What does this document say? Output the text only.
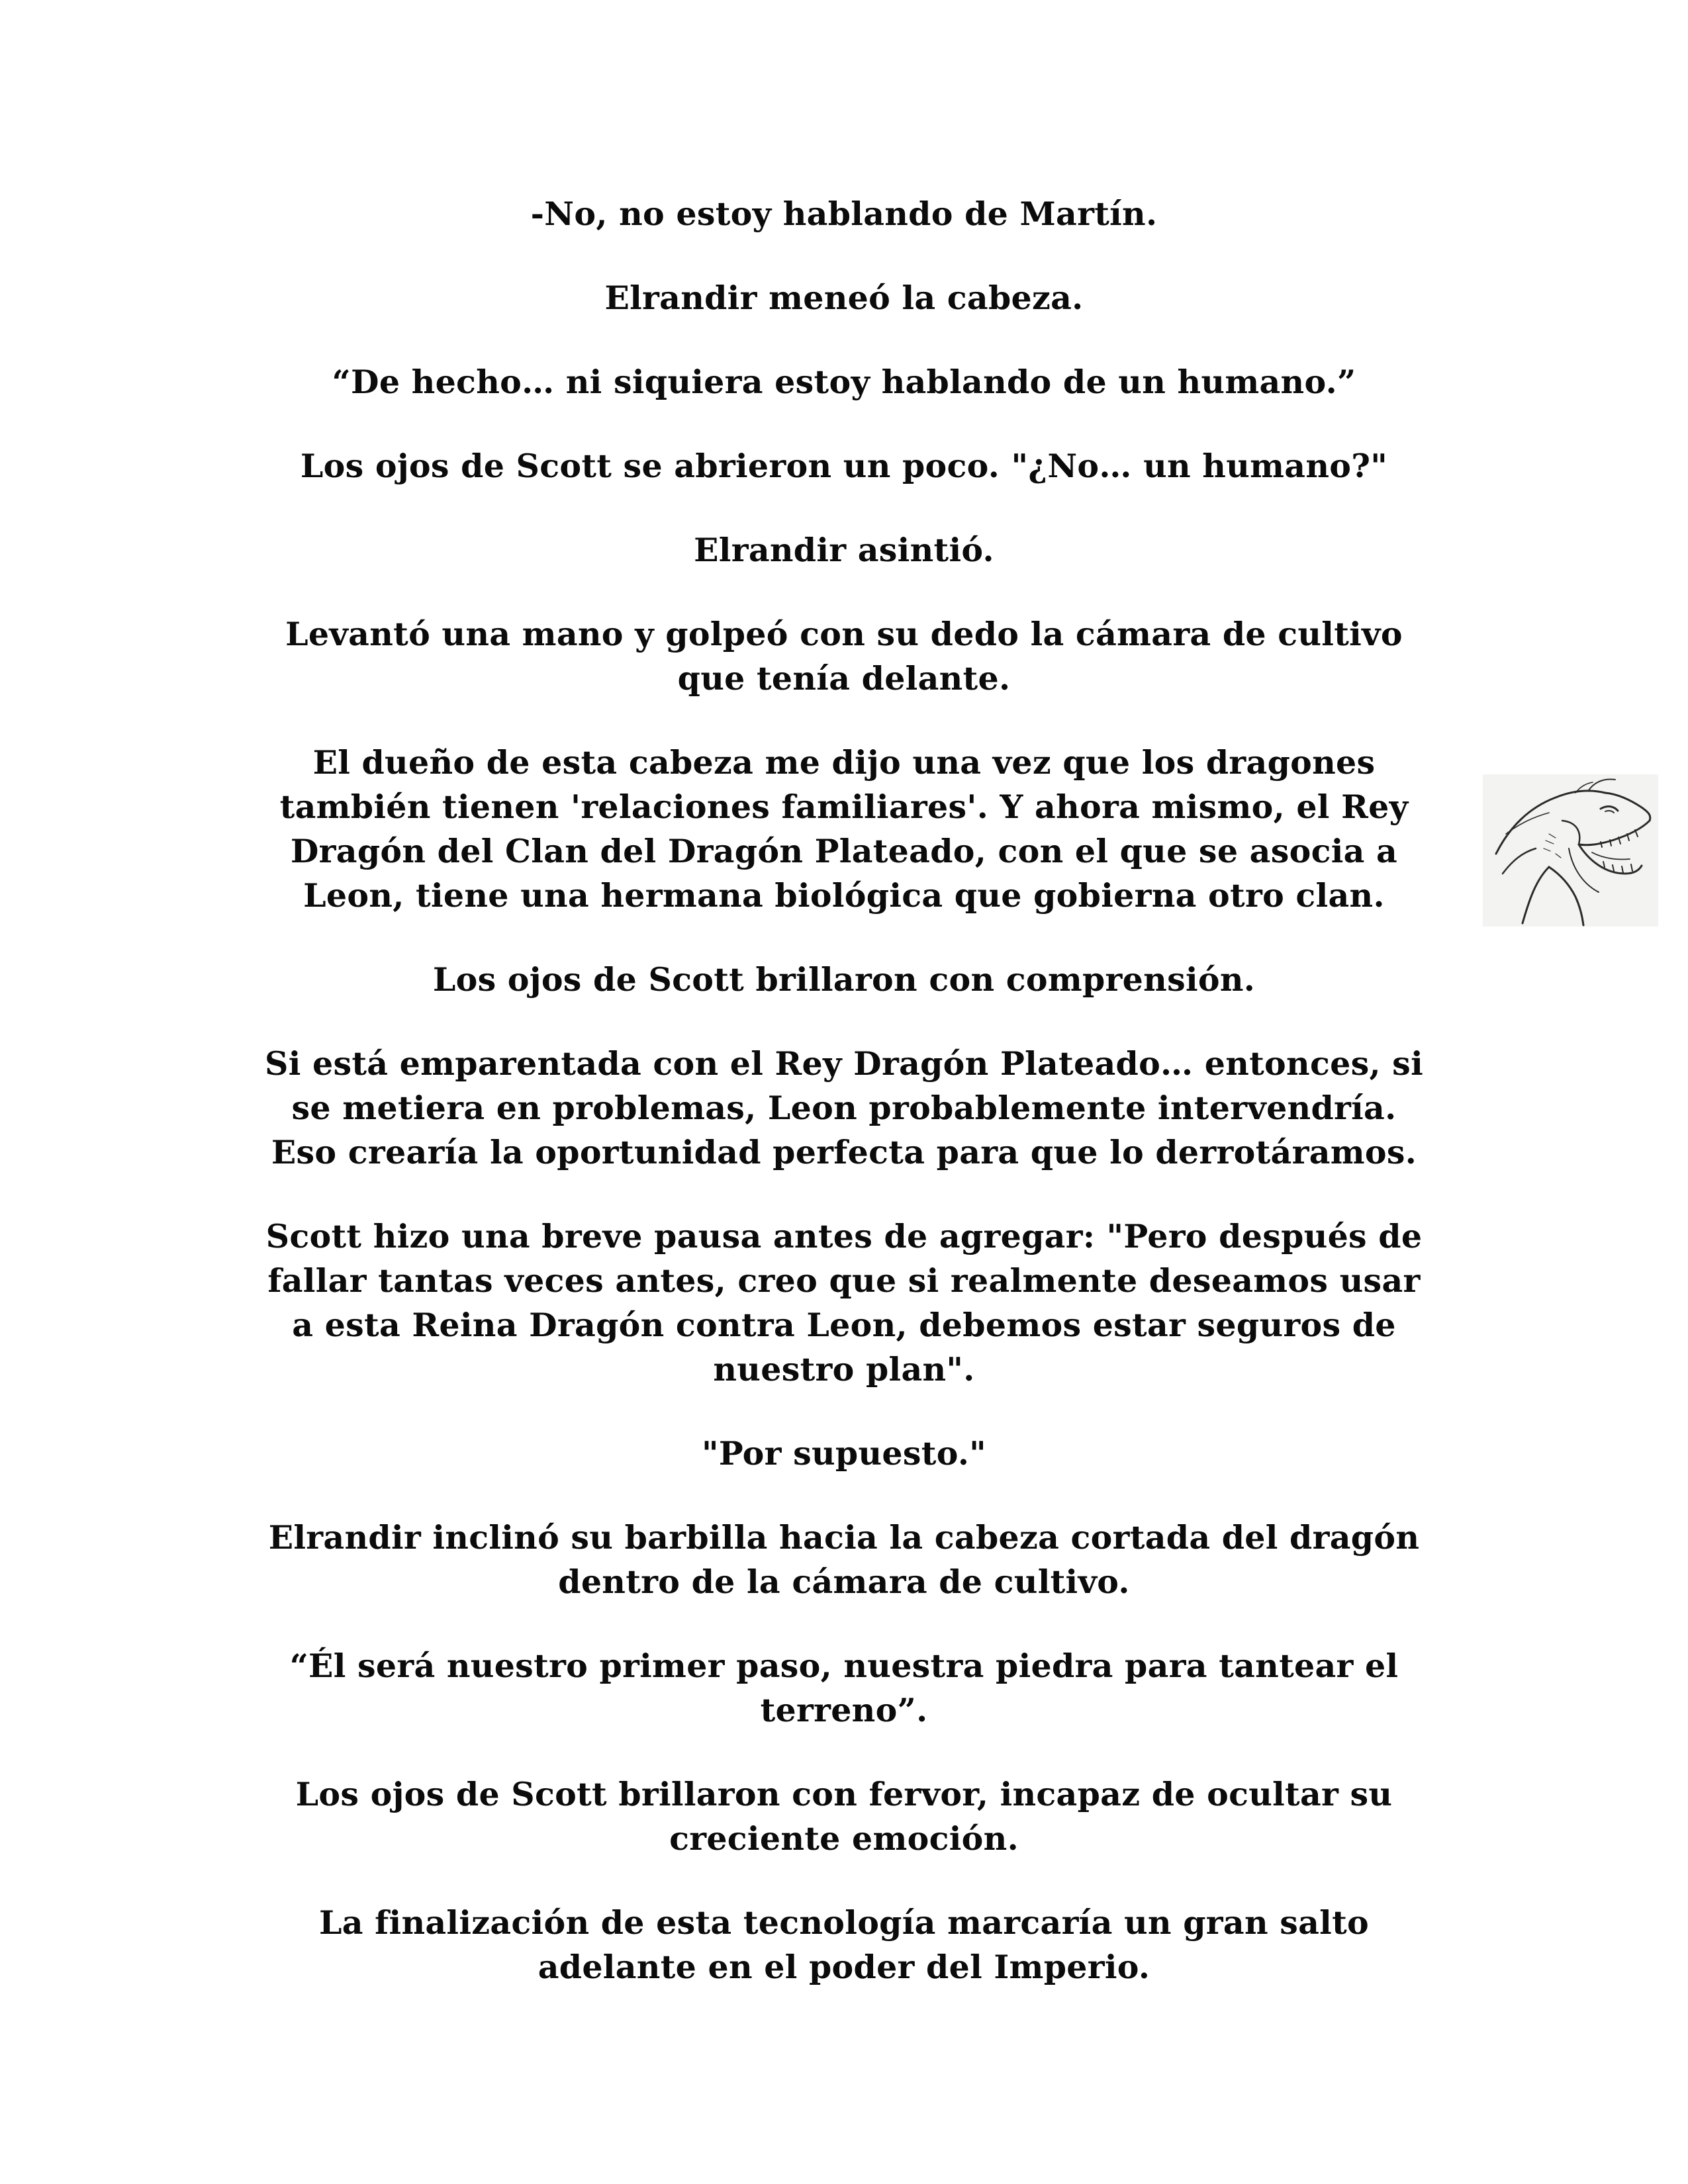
-No, no estoy hablando de Martín.

Elrandir meneó la cabeza.

“De hecho… ni siquiera estoy hablando de un humano.”

Los ojos de Scott se abrieron un poco. "¿No… un humano?"

Elrandir asintió.

Levantó una mano y golpeó con su dedo la cámara de cultivo
que tenía delante.

El dueño de esta cabeza me dijo una vez que los dragones
también tienen 'relaciones familiares'. Y ahora mismo, el Rey
Dragón del Clan del Dragón Plateado, con el que se asocia a
Leon, tiene una hermana biológica que gobierna otro clan.

Los ojos de Scott brillaron con comprensión.

Si está emparentada con el Rey Dragón Plateado… entonces, si
se metiera en problemas, Leon probablemente intervendría.
Eso crearía la oportunidad perfecta para que lo derrotáramos.

Scott hizo una breve pausa antes de agregar: "Pero después de
fallar tantas veces antes, creo que si realmente deseamos usar
a esta Reina Dragón contra Leon, debemos estar seguros de
nuestro plan".

"Por supuesto."

Elrandir inclinó su barbilla hacia la cabeza cortada del dragón
dentro de la cámara de cultivo.

“Él será nuestro primer paso, nuestra piedra para tantear el
terreno”.

Los ojos de Scott brillaron con fervor, incapaz de ocultar su
creciente emoción.

La finalización de esta tecnología marcaría un gran salto
adelante en el poder del Imperio.
